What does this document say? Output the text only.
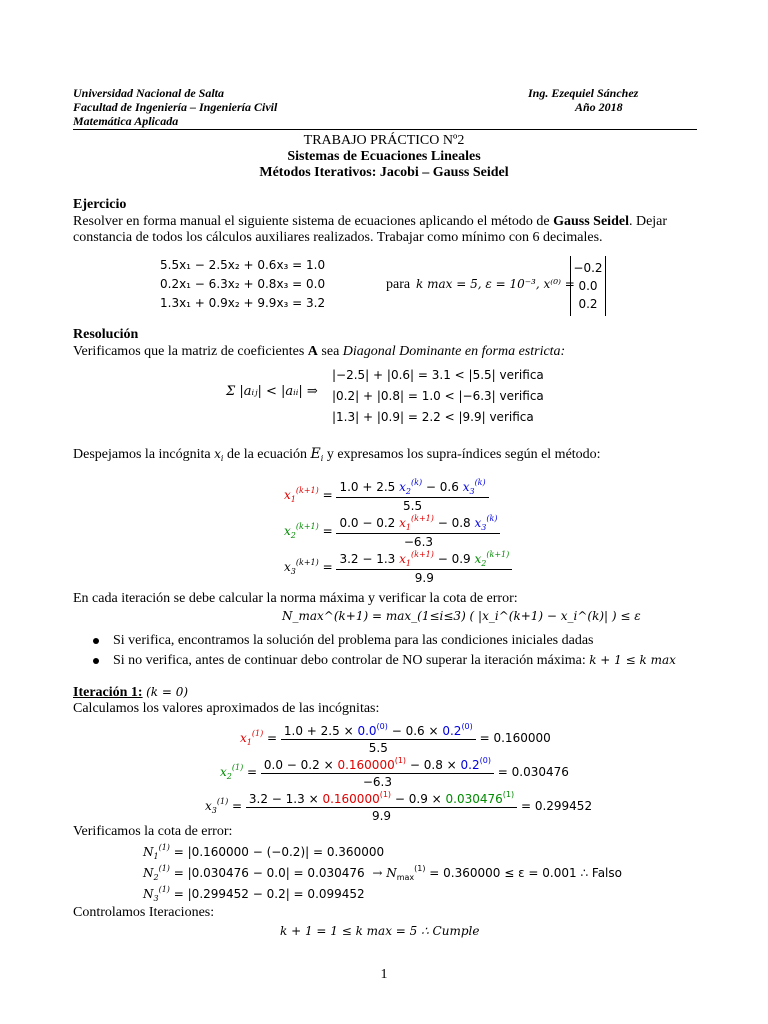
Universidad Nacional de Salta
Facultad de Ingeniería – Ingeniería Civil
Matemática Aplicada
Ing. Ezequiel Sánchez
Año 2018
TRABAJO PRÁCTICO Nº2
Sistemas de Ecuaciones Lineales
Métodos Iterativos: Jacobi – Gauss Seidel
Ejercicio
Resolver en forma manual el siguiente sistema de ecuaciones aplicando el método de Gauss Seidel. Dejar
constancia de todos los cálculos auxiliares realizados. Trabajar como mínimo con 6 decimales.
5.5x₁ − 2.5x₂ + 0.6x₃ = 1.0
0.2x₁ − 6.3x₂ + 0.8x₃ = 0.0
1.3x₁ + 0.9x₂ + 9.9x₃ = 3.2
para k max = 5, ε = 10⁻³, x⁽⁰⁾ =
−0.2
0.0
0.2
Resolución
Verificamos que la matriz de coeficientes A sea Diagonal Dominante en forma estricta:
Σ |aᵢⱼ| < |aᵢᵢ| ⇒
|−2.5| + |0.6| = 3.1 < |5.5| verifica
|0.2| + |0.8| = 1.0 < |−6.3| verifica
|1.3| + |0.9| = 2.2 < |9.9| verifica
Despejamos la incógnita $x_i$ de la ecuación $E_i$ y expresamos los supra-índices según el método:
$x_1^{(k+1)} = \frac{1.0 + 2.5 x_2^{(k)} - 0.6 x_3^{(k)}}{5.5}$
$x_2^{(k+1)} = \frac{0.0 - 0.2 x_1^{(k+1)} - 0.8 x_3^{(k)}}{-6.3}$
$x_3^{(k+1)} = \frac{3.2 - 1.3 x_1^{(k+1)} - 0.9 x_2^{(k+1)}}{9.9}$
En cada iteración se debe calcular la norma máxima y verificar la cota de error:
N_max^(k+1) = max_(1≤i≤3) ( |x_i^(k+1) − x_i^(k)| ) ≤ ε
Si verifica, encontramos la solución del problema para las condiciones iniciales dadas
Si no verifica, antes de continuar debo controlar de NO superar la iteración máxima: k + 1 ≤ k max
Iteración 1: (k = 0)
Calculamos los valores aproximados de las incógnitas:
$x_1^{(1)} = \frac{1.0 + 2.5 \times 0.0^{(0)} - 0.6 \times 0.2^{(0)}}{5.5} = 0.160000$
$x_2^{(1)} = \frac{0.0 - 0.2 \times 0.160000^{(1)} - 0.8 \times 0.2^{(0)}}{-6.3} = 0.030476$
$x_3^{(1)} = \frac{3.2 - 1.3 \times 0.160000^{(1)} - 0.9 \times 0.030476^{(1)}}{9.9} = 0.299452$
Verificamos la cota de error:
$N_1^{(1)} = |0.160000 - (-0.2)| = 0.360000$
$N_2^{(1)} = |0.030476 - 0.0| = 0.030476 \to N_{max}^{(1)} = 0.360000 \le \varepsilon = 0.001$ ∴ Falso
$N_3^{(1)} = |0.299452 - 0.2| = 0.099452$
Controlamos Iteraciones:
k + 1 = 1 ≤ k max = 5 ∴ Cumple
1
